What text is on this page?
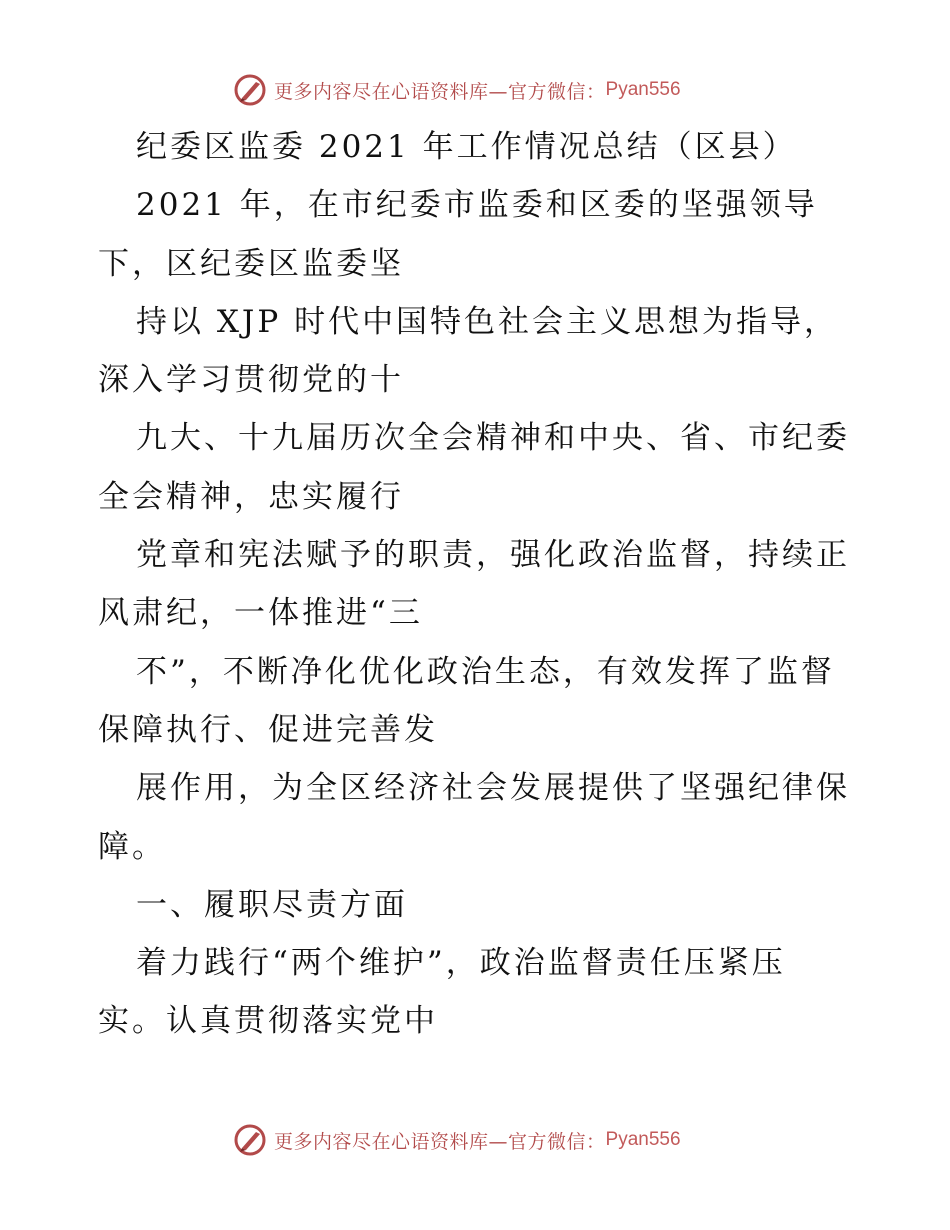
更多内容尽在心语资料库—官方微信： Pyan556
纪委区监委 2021 年工作情况总结（区县）
2021 年，在市纪委市监委和区委的坚强领导
下，区纪委区监委坚
持以 XJP 时代中国特色社会主义思想为指导，
深入学习贯彻党的十
九大、十九届历次全会精神和中央、省、市纪委
全会精神，忠实履行
党章和宪法赋予的职责，强化政治监督，持续正
风肃纪，一体推进“三
不”，不断净化优化政治生态，有效发挥了监督
保障执行、促进完善发
展作用，为全区经济社会发展提供了坚强纪律保
障。
一、履职尽责方面
着力践行“两个维护”，政治监督责任压紧压
实。认真贯彻落实党中
更多内容尽在心语资料库—官方微信： Pyan556
